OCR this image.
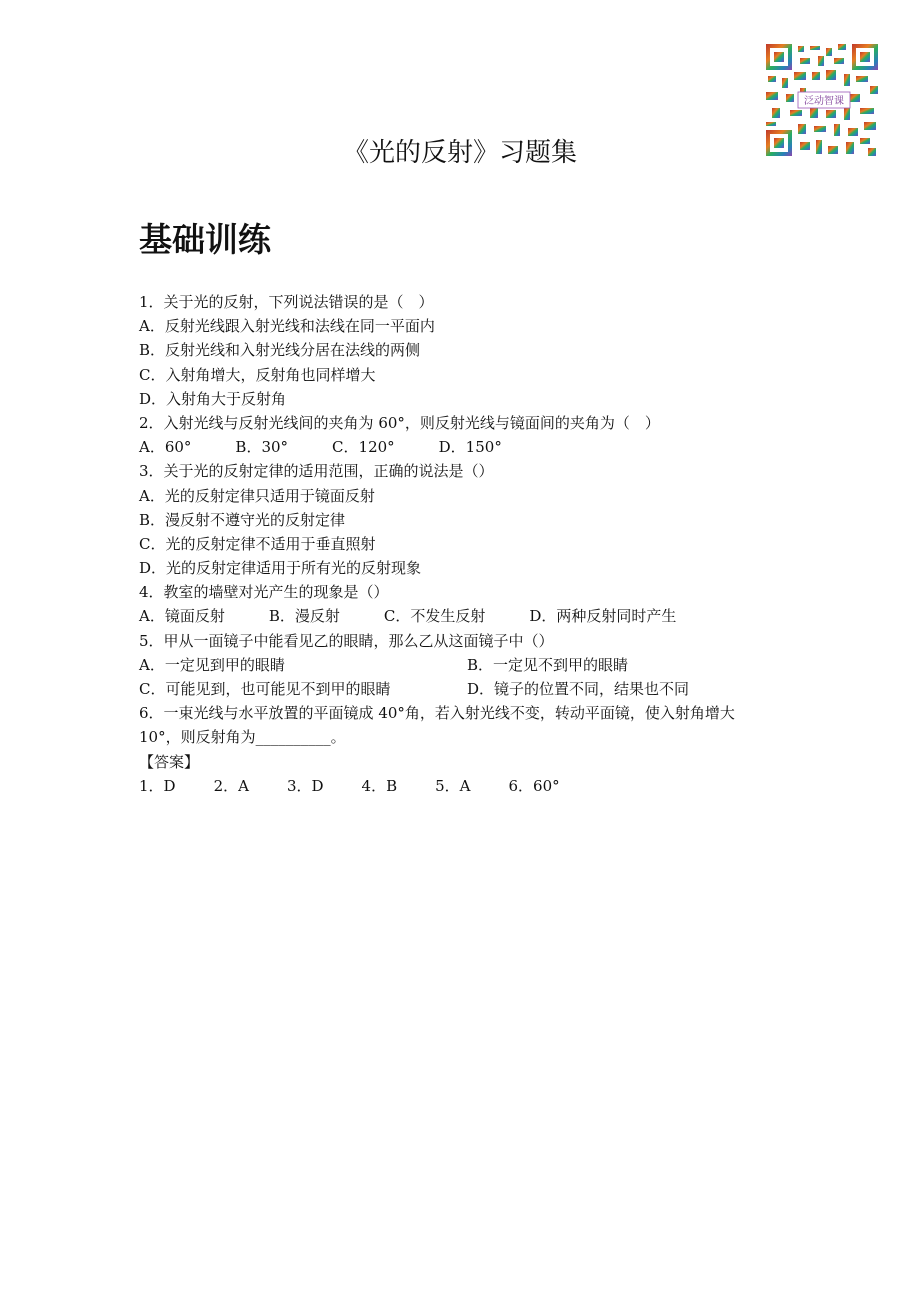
泛动智课
《光的反射》习题集
基础训练
1．关于光的反射，下列说法错误的是（　）
A．反射光线跟入射光线和法线在同一平面内
B．反射光线和入射光线分居在法线的两侧
C．入射角增大，反射角也同样增大
D．入射角大于反射角
2．入射光线与反射光线间的夹角为 60°，则反射光线与镜面间的夹角为（　）
A．60°	B．30°	C．120°	D．150°
3．关于光的反射定律的适用范围，正确的说法是（）
A．光的反射定律只适用于镜面反射
B．漫反射不遵守光的反射定律
C．光的反射定律不适用于垂直照射
D．光的反射定律适用于所有光的反射现象
4．教室的墙壁对光产生的现象是（）
A．镜面反射	B．漫反射	C．不发生反射	D．两种反射同时产生
5．甲从一面镜子中能看见乙的眼睛，那么乙从这面镜子中（）
A．一定见到甲的眼睛	B．一定见不到甲的眼睛
C．可能见到，也可能见不到甲的眼睛	D．镜子的位置不同，结果也不同
6．一束光线与水平放置的平面镜成 40°角，若入射光线不变，转动平面镜，使入射角增大
10°，则反射角为__________。
【答案】
1．D	2．A	3．D	4．B	5．A	6．60°
